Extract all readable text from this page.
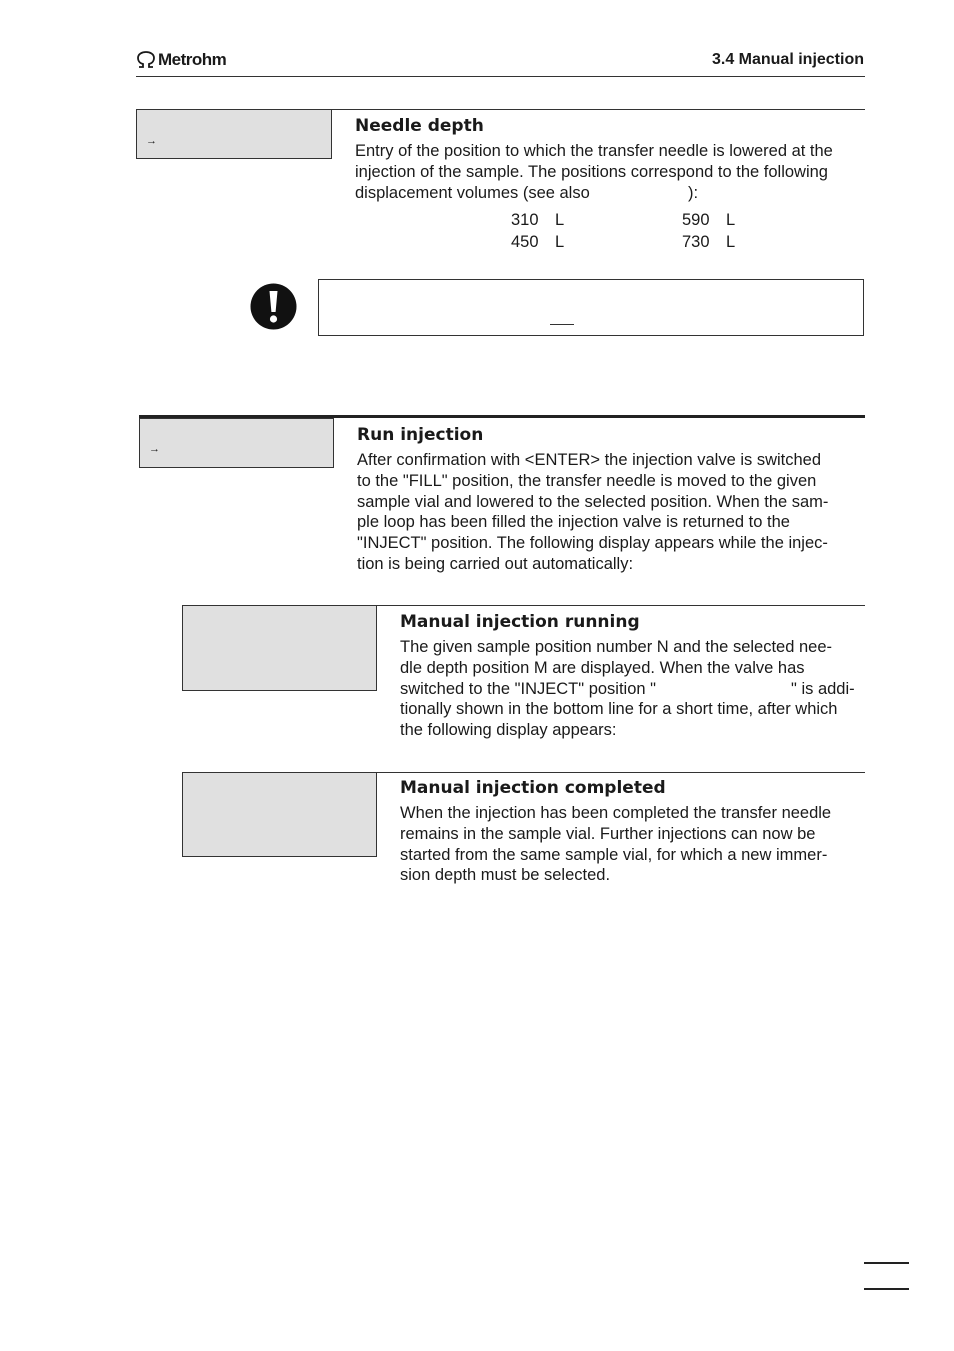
Metrohm	3.4 Manual injection
→
Needle depth
Entry of the position to which the transfer needle is lowered at the
injection of the sample. The positions correspond to the following
displacement volumes (see also	):
310 L	590 L
450 L	730 L
→
Run injection
After confirmation with <ENTER> the injection valve is switched
to the "FILL" position, the transfer needle is moved to the given
sample vial and lowered to the selected position. When the sam-
ple loop has been filled the injection valve is returned to the
"INJECT" position. The following display appears while the injec-
tion is being carried out automatically:
Manual injection running
The given sample position number N and the selected nee-
dle depth position M are displayed. When the valve has
switched to the "INJECT" position "	" is addi-
tionally shown in the bottom line for a short time, after which
the following display appears:
Manual injection completed
When the injection has been completed the transfer needle
remains in the sample vial. Further injections can now be
started from the same sample vial, for which a new immer-
sion depth must be selected.
